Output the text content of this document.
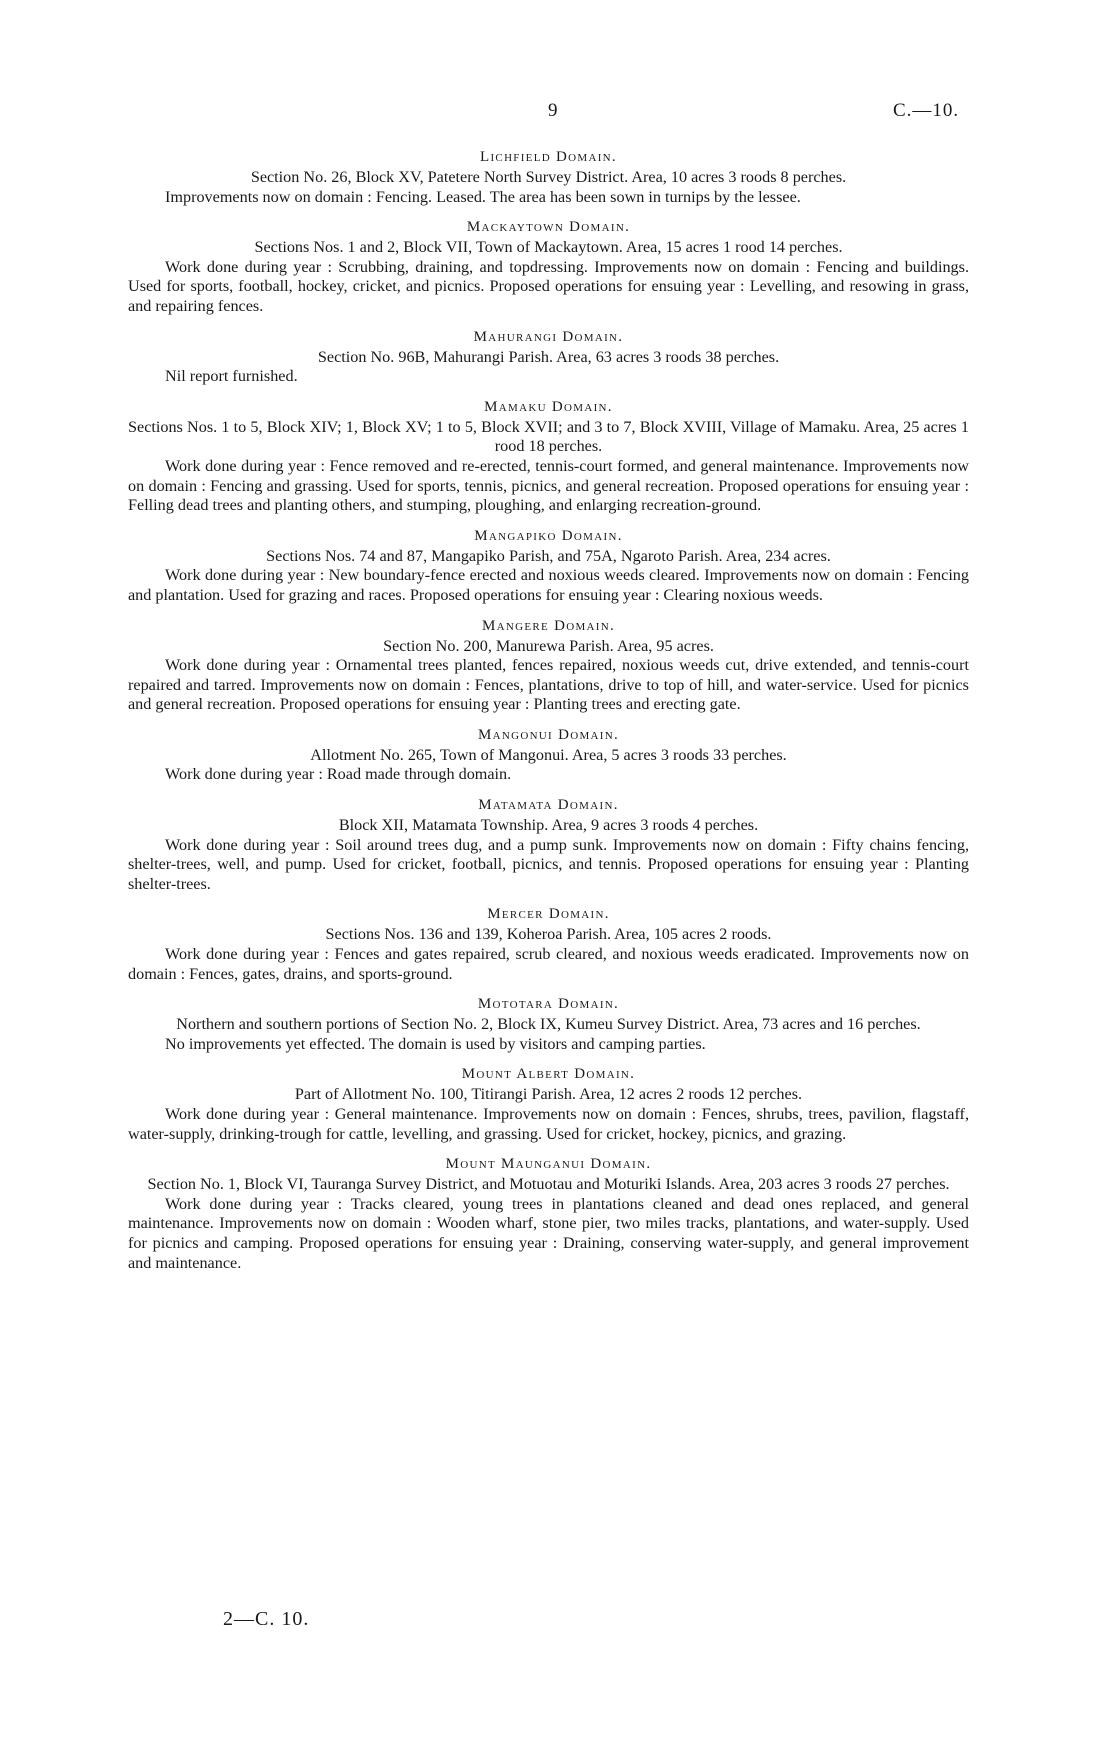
9	C.—10.
Lichfield Domain.

Section No. 26, Block XV, Patetere North Survey District. Area, 10 acres 3 roods 8 perches.

Improvements now on domain : Fencing. Leased. The area has been sown in turnips by the lessee.

Mackaytown Domain.

Sections Nos. 1 and 2, Block VII, Town of Mackaytown. Area, 15 acres 1 rood 14 perches.

Work done during year : Scrubbing, draining, and topdressing. Improvements now on domain : Fencing and buildings. Used for sports, football, hockey, cricket, and picnics. Proposed operations for ensuing year : Levelling, and resowing in grass, and repairing fences.

Mahurangi Domain.

Section No. 96B, Mahurangi Parish. Area, 63 acres 3 roods 38 perches.

Nil report furnished.

Mamaku Domain.

Sections Nos. 1 to 5, Block XIV; 1, Block XV; 1 to 5, Block XVII; and 3 to 7, Block XVIII, Village of Mamaku. Area, 25 acres 1 rood 18 perches.

Work done during year : Fence removed and re-erected, tennis-court formed, and general maintenance. Improvements now on domain : Fencing and grassing. Used for sports, tennis, picnics, and general recreation. Proposed operations for ensuing year : Felling dead trees and planting others, and stumping, ploughing, and enlarging recreation-ground.

Mangapiko Domain.

Sections Nos. 74 and 87, Mangapiko Parish, and 75A, Ngaroto Parish. Area, 234 acres.

Work done during year : New boundary-fence erected and noxious weeds cleared. Improvements now on domain : Fencing and plantation. Used for grazing and races. Proposed operations for ensuing year : Clearing noxious weeds.

Mangere Domain.

Section No. 200, Manurewa Parish. Area, 95 acres.

Work done during year : Ornamental trees planted, fences repaired, noxious weeds cut, drive extended, and tennis-court repaired and tarred. Improvements now on domain : Fences, plantations, drive to top of hill, and water-service. Used for picnics and general recreation. Proposed operations for ensuing year : Planting trees and erecting gate.

Mangonui Domain.

Allotment No. 265, Town of Mangonui. Area, 5 acres 3 roods 33 perches.

Work done during year : Road made through domain.

Matamata Domain.

Block XII, Matamata Township. Area, 9 acres 3 roods 4 perches.

Work done during year : Soil around trees dug, and a pump sunk. Improvements now on domain : Fifty chains fencing, shelter-trees, well, and pump. Used for cricket, football, picnics, and tennis. Proposed operations for ensuing year : Planting shelter-trees.

Mercer Domain.

Sections Nos. 136 and 139, Koheroa Parish. Area, 105 acres 2 roods.

Work done during year : Fences and gates repaired, scrub cleared, and noxious weeds eradicated. Improvements now on domain : Fences, gates, drains, and sports-ground.

Mototara Domain.

Northern and southern portions of Section No. 2, Block IX, Kumeu Survey District. Area, 73 acres and 16 perches.

No improvements yet effected. The domain is used by visitors and camping parties.

Mount Albert Domain.

Part of Allotment No. 100, Titirangi Parish. Area, 12 acres 2 roods 12 perches.

Work done during year : General maintenance. Improvements now on domain : Fences, shrubs, trees, pavilion, flagstaff, water-supply, drinking-trough for cattle, levelling, and grassing. Used for cricket, hockey, picnics, and grazing.

Mount Maunganui Domain.

Section No. 1, Block VI, Tauranga Survey District, and Motuotau and Moturiki Islands. Area, 203 acres 3 roods 27 perches.

Work done during year : Tracks cleared, young trees in plantations cleaned and dead ones replaced, and general maintenance. Improvements now on domain : Wooden wharf, stone pier, two miles tracks, plantations, and water-supply. Used for picnics and camping. Proposed operations for ensuing year : Draining, conserving water-supply, and general improvement and maintenance.

2—C. 10.
